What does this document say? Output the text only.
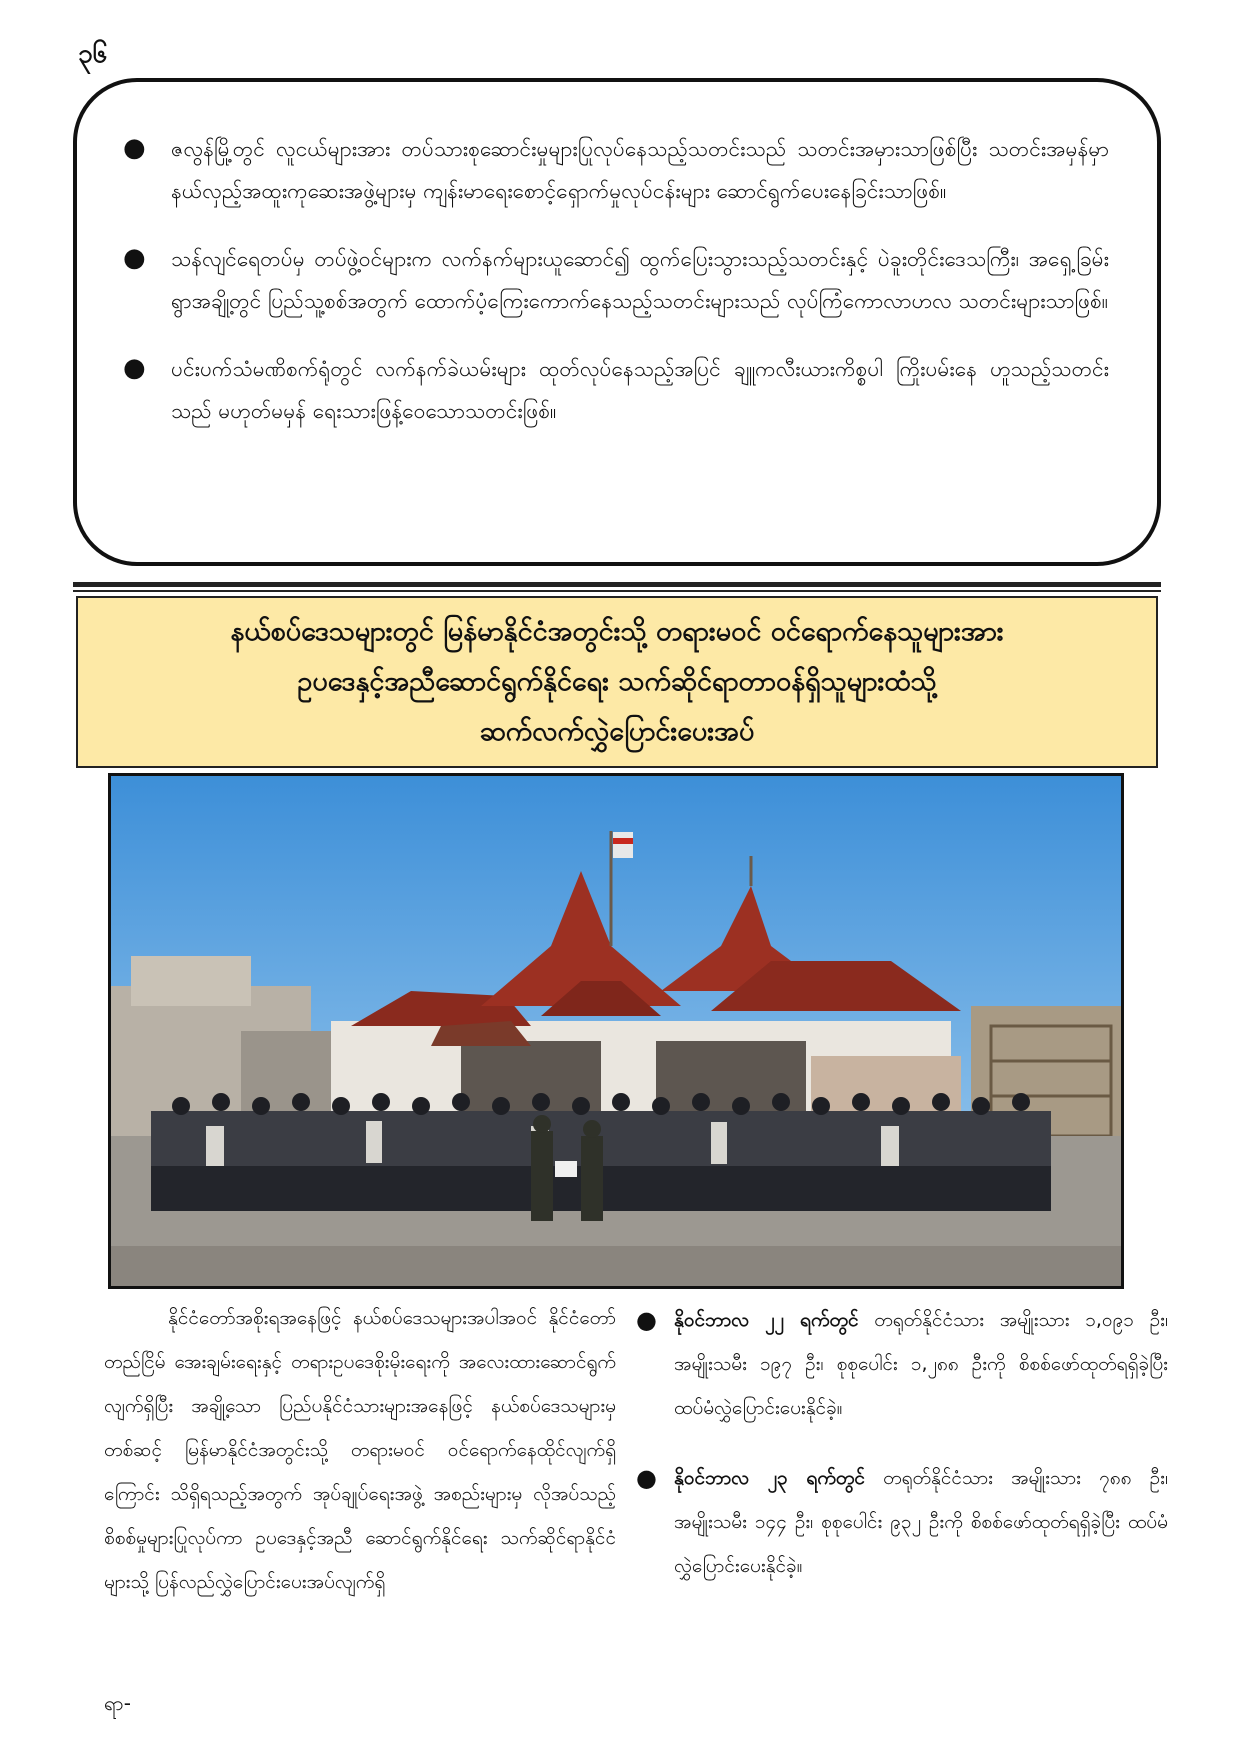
၃၆
●	ဇလွန်မြို့တွင် လူငယ်များအား တပ်သားစုဆောင်းမှုများပြုလုပ်နေသည့်သတင်းသည် သတင်းအမှားသာဖြစ်ပြီး သတင်းအမှန်မှာ နယ်လှည့်အထူးကုဆေးအဖွဲ့များမှ ကျန်းမာရေးစောင့်ရှောက်မှုလုပ်ငန်းများ ဆောင်ရွက်ပေးနေခြင်းသာဖြစ်။
●	သန်လျင်ရေတပ်မှ တပ်ဖွဲ့ဝင်များက လက်နက်များယူဆောင်၍ ထွက်ပြေးသွားသည့်သတင်းနှင့် ပဲခူးတိုင်းဒေသကြီး၊ အရှေ့ခြမ်းရွာအချို့တွင် ပြည်သူ့စစ်အတွက် ထောက်ပံ့ကြေးကောက်နေသည့်သတင်းများသည် လုပ်ကြံကောလာဟလ သတင်းများသာဖြစ်။
●	ပင်းပက်သံမဏိစက်ရုံတွင် လက်နက်ခဲယမ်းများ ထုတ်လုပ်နေသည့်အပြင် ချူကလီးယားကိစ္စပါ ကြိုးပမ်းနေ ဟူသည့်သတင်းသည် မဟုတ်မမှန် ရေးသားဖြန့်ဝေသောသတင်းဖြစ်။
နယ်စပ်ဒေသများတွင် မြန်မာနိုင်ငံအတွင်းသို့ တရားမဝင် ဝင်ရောက်နေသူများအား
ဥပဒေနှင့်အညီဆောင်ရွက်နိုင်ရေး သက်ဆိုင်ရာတာဝန်ရှိသူများထံသို့
ဆက်လက်လွှဲပြောင်းပေးအပ်
နိုင်ငံတော်အစိုးရအနေဖြင့် နယ်စပ်ဒေသများအပါအဝင် နိုင်ငံတော်တည်ငြိမ် အေးချမ်းရေးနှင့် တရားဥပဒေစိုးမိုးရေးကို အလေးထားဆောင်ရွက်လျက်ရှိပြီး အချို့သော ပြည်ပနိုင်ငံသားများအနေဖြင့် နယ်စပ်ဒေသများမှတစ်ဆင့် မြန်မာနိုင်ငံအတွင်းသို့ တရားမဝင် ဝင်ရောက်နေထိုင်လျက်ရှိကြောင်း သိရှိရသည့်အတွက် အုပ်ချုပ်ရေးအဖွဲ့ အစည်းများမှ လိုအပ်သည့် စိစစ်မှုများပြုလုပ်ကာ ဥပဒေနှင့်အညီ ဆောင်ရွက်နိုင်ရေး သက်ဆိုင်ရာနိုင်ငံများသို့ ပြန်လည်လွှဲပြောင်းပေးအပ်လျက်ရှိ
● နိုဝင်ဘာလ ၂၂ ရက်တွင် တရုတ်နိုင်ငံသား အမျိုးသား ၁,၀၉၁ ဦး၊ အမျိုးသမီး ၁၉၇ ဦး၊ စုစုပေါင်း ၁,၂၈၈ ဦးကို စိစစ်ဖော်ထုတ်ရရှိခဲ့ပြီး ထပ်မံလွှဲပြောင်းပေးနိုင်ခဲ့။
● နိုဝင်ဘာလ ၂၃ ရက်တွင် တရုတ်နိုင်ငံသား အမျိုးသား ၇၈၈ ဦး၊ အမျိုးသမီး ၁၄၄ ဦး၊ စုစုပေါင်း ၉၃၂ ဦးကို စိစစ်ဖော်ထုတ်ရရှိခဲ့ပြီး ထပ်မံလွှဲပြောင်းပေးနိုင်ခဲ့။
ရာ-
